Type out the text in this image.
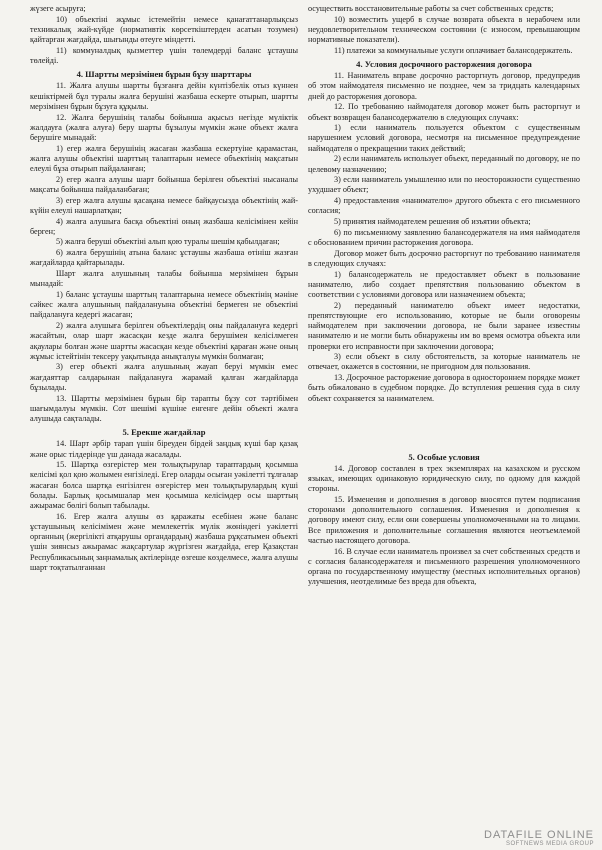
жүзеге асыруға;

10) объектіні жұмыс істемейтін немесе қанағаттанарлықсыз техникалық жай-күйде (нормативтік көрсеткіштерден асатын тозумен) қайтарған жағдайда, шығынды өтеуге міндетті.

11) коммуналдық қызметтер үшін төлемдерді баланс ұстаушы төлейді.

4. Шартты мерзімінен бұрын бұзу шарттары

11. Жалға алушы шартты бұзғанға дейін күнтізбелік отыз күннен кешіктірмей бұл туралы жалға берушіні жазбаша ескерте отырып, шартты мерзімінен бұрын бұзуға құқылы.

12. Жалға берушінің талабы бойынша ақысыз негізде мүліктік жалдауға (жалға алуға) беру шарты бұзылуы мүмкін және объект жалға берушіге мынадай:

1) егер жалға берушінің жасаған жазбаша ескертуіне қарамастан, жалға алушы объектіні шарттың талаптарын немесе объектінің мақсатын елеулі бұза отырып пайдаланған;

2) егер жалға алушы шарт бойынша берілген объектіні нысаналы мақсаты бойынша пайдаланбаған;

3) егер жалға алушы қасақана немесе байқаусызда объектінің жай-күйін елеулі нашарлатқан;

4) жалға алушыға басқа объектіні оның жазбаша келісімінен кейін берген;

5) жалға беруші объектіні алып қою туралы шешім қабылдаған;

6) жалға берушінің атына баланс ұстаушы жазбаша өтініш жазған жағдайларда қайтарылады.

Шарт жалға алушының талабы бойынша мерзімінен бұрын мынадай:

1) баланс ұстаушы шарттың талаптарына немесе объектінің мәніне сәйкес жалға алушының пайдалануына объектіні бермеген не объектіні пайдалануға кедергі жасаған;

2) жалға алушыға берілген объектілердің оны пайдалануға кедергі жасайтын, олар шарт жасасқан кезде жалға берушімен келісілмеген ақаулары болған және шартты жасасқан кезде объектіні қараған және оның жұмыс істейтінін тексеру уақытында анықталуы мүмкін болмаған;

3) егер объекті жалға алушының жауап беруі мүмкін емес жағдаяттар салдарынан пайдалануға жарамай қалған жағдайларда бұзылады.

13. Шартты мерзімінен бұрын бір тарапты бұзу сот тәртібімен шағымдалуы мүмкін. Сот шешімі күшіне енгенге дейін объекті жалға алушыда сақталады.

5. Ерекше жағдайлар

14. Шарт әрбір тарап үшін біреуден бірдей заңдық күші бар қазақ және орыс тілдерінде үш данада жасалады.

15. Шартқа өзгерістер мен толықтырулар тараптардың қосымша келісімі қол қою жолымен енгізіледі. Егер оларды осыған уәкілетті тұлғалар жасаған болса шартқа енгізілген өзгерістер мен толықтырулардың күші болады. Барлық қосымшалар мен қосымша келісімдер осы шарттың ажырамас бөлігі болып табылады.

16. Егер жалға алушы өз қаражаты есебінен және баланс ұстаушының келісімімен және мемлекеттік мүлік жөніндегі уәкілетті органның (жергілікті атқарушы органдардың) жазбаша рұқсатымен объекті үшін зиянсыз ажырамас жақсартулар жүргізген жағдайда, егер Қазақстан Республикасының заңнамалық актілерінде өзгеше көзделмесе, жалға алушы шарт тоқтатылғаннан

осуществить восстановительные работы за счет собственных средств;

10) возместить ущерб в случае возврата объекта в нерабочем или неудовлетворительном техническом состоянии (с износом, превышающим нормативные показатели).

11) платежи за коммунальные услуги оплачивает балансодержатель.

4. Условия досрочного расторжения договора

11. Наниматель вправе досрочно расторгнуть договор, предупредив об этом наймодателя письменно не позднее, чем за тридцать календарных дней до расторжения договора.

12. По требованию наймодателя договор может быть расторгнут и объект возвращен балансодержателю в следующих случаях:

1) если наниматель пользуется объектом с существенным нарушением условий договора, несмотря на письменное предупреждение наймодателя о прекращении таких действий;

2) если наниматель использует объект, переданный по договору, не по целевому назначению;

3) если наниматель умышленно или по неосторожности существенно ухудшает объект;

4) предоставления «нанимателю» другого объекта с его письменного согласия;

5) принятия наймодателем решения об изъятии объекта;

6) по письменному заявлению балансодержателя на имя наймодателя с обоснованием причин расторжения договора.

Договор может быть досрочно расторгнут по требованию нанимателя в следующих случаях:

1) балансодержатель не предоставляет объект в пользование нанимателю, либо создает препятствия пользованию объектом в соответствии с условиями договора или назначением объекта;

2) переданный нанимателю объект имеет недостатки, препятствующие его использованию, которые не были оговорены наймодателем при заключении договора, не были заранее известны нанимателю и не могли быть обнаружены им во время осмотра объекта или проверки его исправности при заключении договора;

3) если объект в силу обстоятельств, за которые наниматель не отвечает, окажется в состоянии, не пригодном для пользования.

13. Досрочное расторжение договора в одностороннем порядке может быть обжаловано в судебном порядке. До вступления решения суда в силу объект сохраняется за нанимателем.

5. Особые условия

14. Договор составлен в трех экземплярах на казахском и русском языках, имеющих одинаковую юридическую силу, по одному для каждой стороны.

15. Изменения и дополнения в договор вносятся путем подписания сторонами дополнительного соглашения. Изменения и дополнения к договору имеют силу, если они совершены уполномоченными на то лицами. Все приложения и дополнительные соглашения являются неотъемлемой частью настоящего договора.

16. В случае если наниматель произвел за счет собственных средств и с согласия балансодержателя и письменного разрешения уполномоченного органа по государственному имуществу (местных исполнительных органов) улучшения, неотделимые без вреда для объекта,

DATAFILE ONLINE
SOFTNEWS MEDIA GROUP
